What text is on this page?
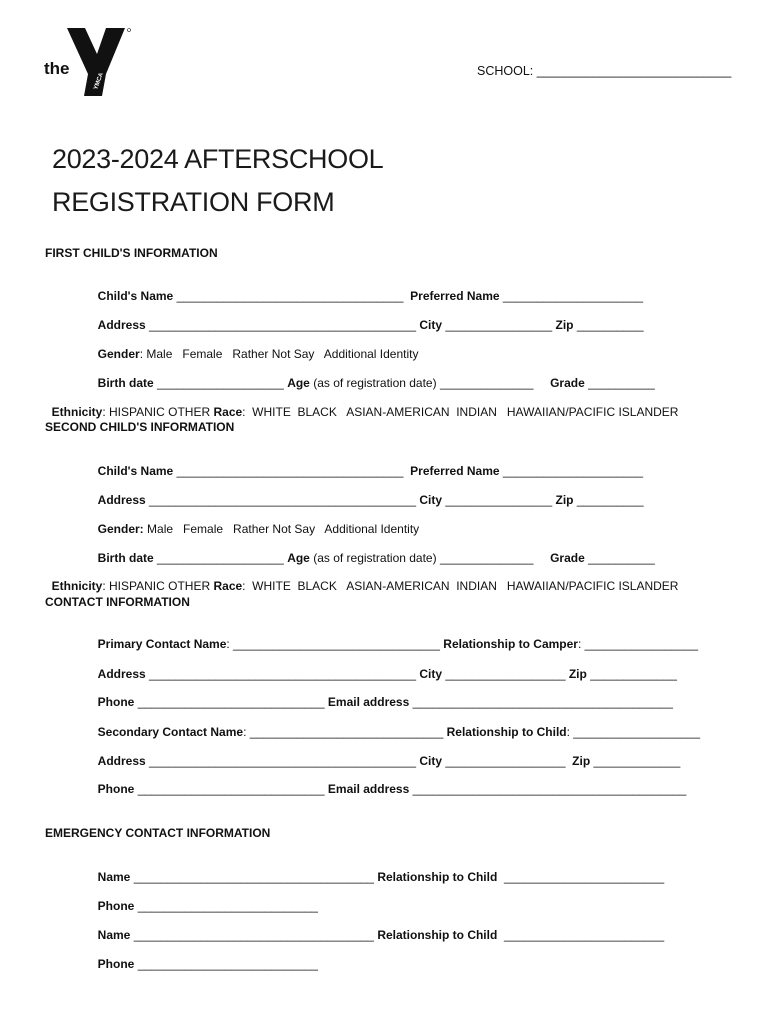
the
YMCA
SCHOOL: ____________________________
2023-2024 AFTERSCHOOL
REGISTRATION FORM
FIRST CHILD'S INFORMATION

Child's Name __________________________________ Preferred Name _____________________

Address ________________________________________ City ________________ Zip __________

Gender: Male   Female   Rather Not Say   Additional Identity

Birth date ___________________ Age (as of registration date) ______________ Grade __________

Ethnicity: HISPANIC OTHER Race:  WHITE  BLACK   ASIAN-AMERICAN  INDIAN   HAWAIIAN/PACIFIC ISLANDER

SECOND CHILD'S INFORMATION

Child's Name __________________________________ Preferred Name _____________________

Address ________________________________________ City ________________ Zip __________

Gender: Male   Female   Rather Not Say   Additional Identity

Birth date ___________________ Age (as of registration date) ______________ Grade __________

Ethnicity: HISPANIC OTHER Race:  WHITE  BLACK   ASIAN-AMERICAN  INDIAN   HAWAIIAN/PACIFIC ISLANDER

CONTACT INFORMATION

Primary Contact Name: _______________________________ Relationship to Camper: _________________

Address ________________________________________ City __________________ Zip _____________

Phone ____________________________ Email address _______________________________________

Secondary Contact Name: _____________________________ Relationship to Child: ___________________

Address ________________________________________ City __________________ Zip _____________

Phone ____________________________ Email address _________________________________________

EMERGENCY CONTACT INFORMATION

Name ____________________________________ Relationship to Child ________________________

Phone ___________________________

Name ____________________________________ Relationship to Child ________________________

Phone ___________________________
